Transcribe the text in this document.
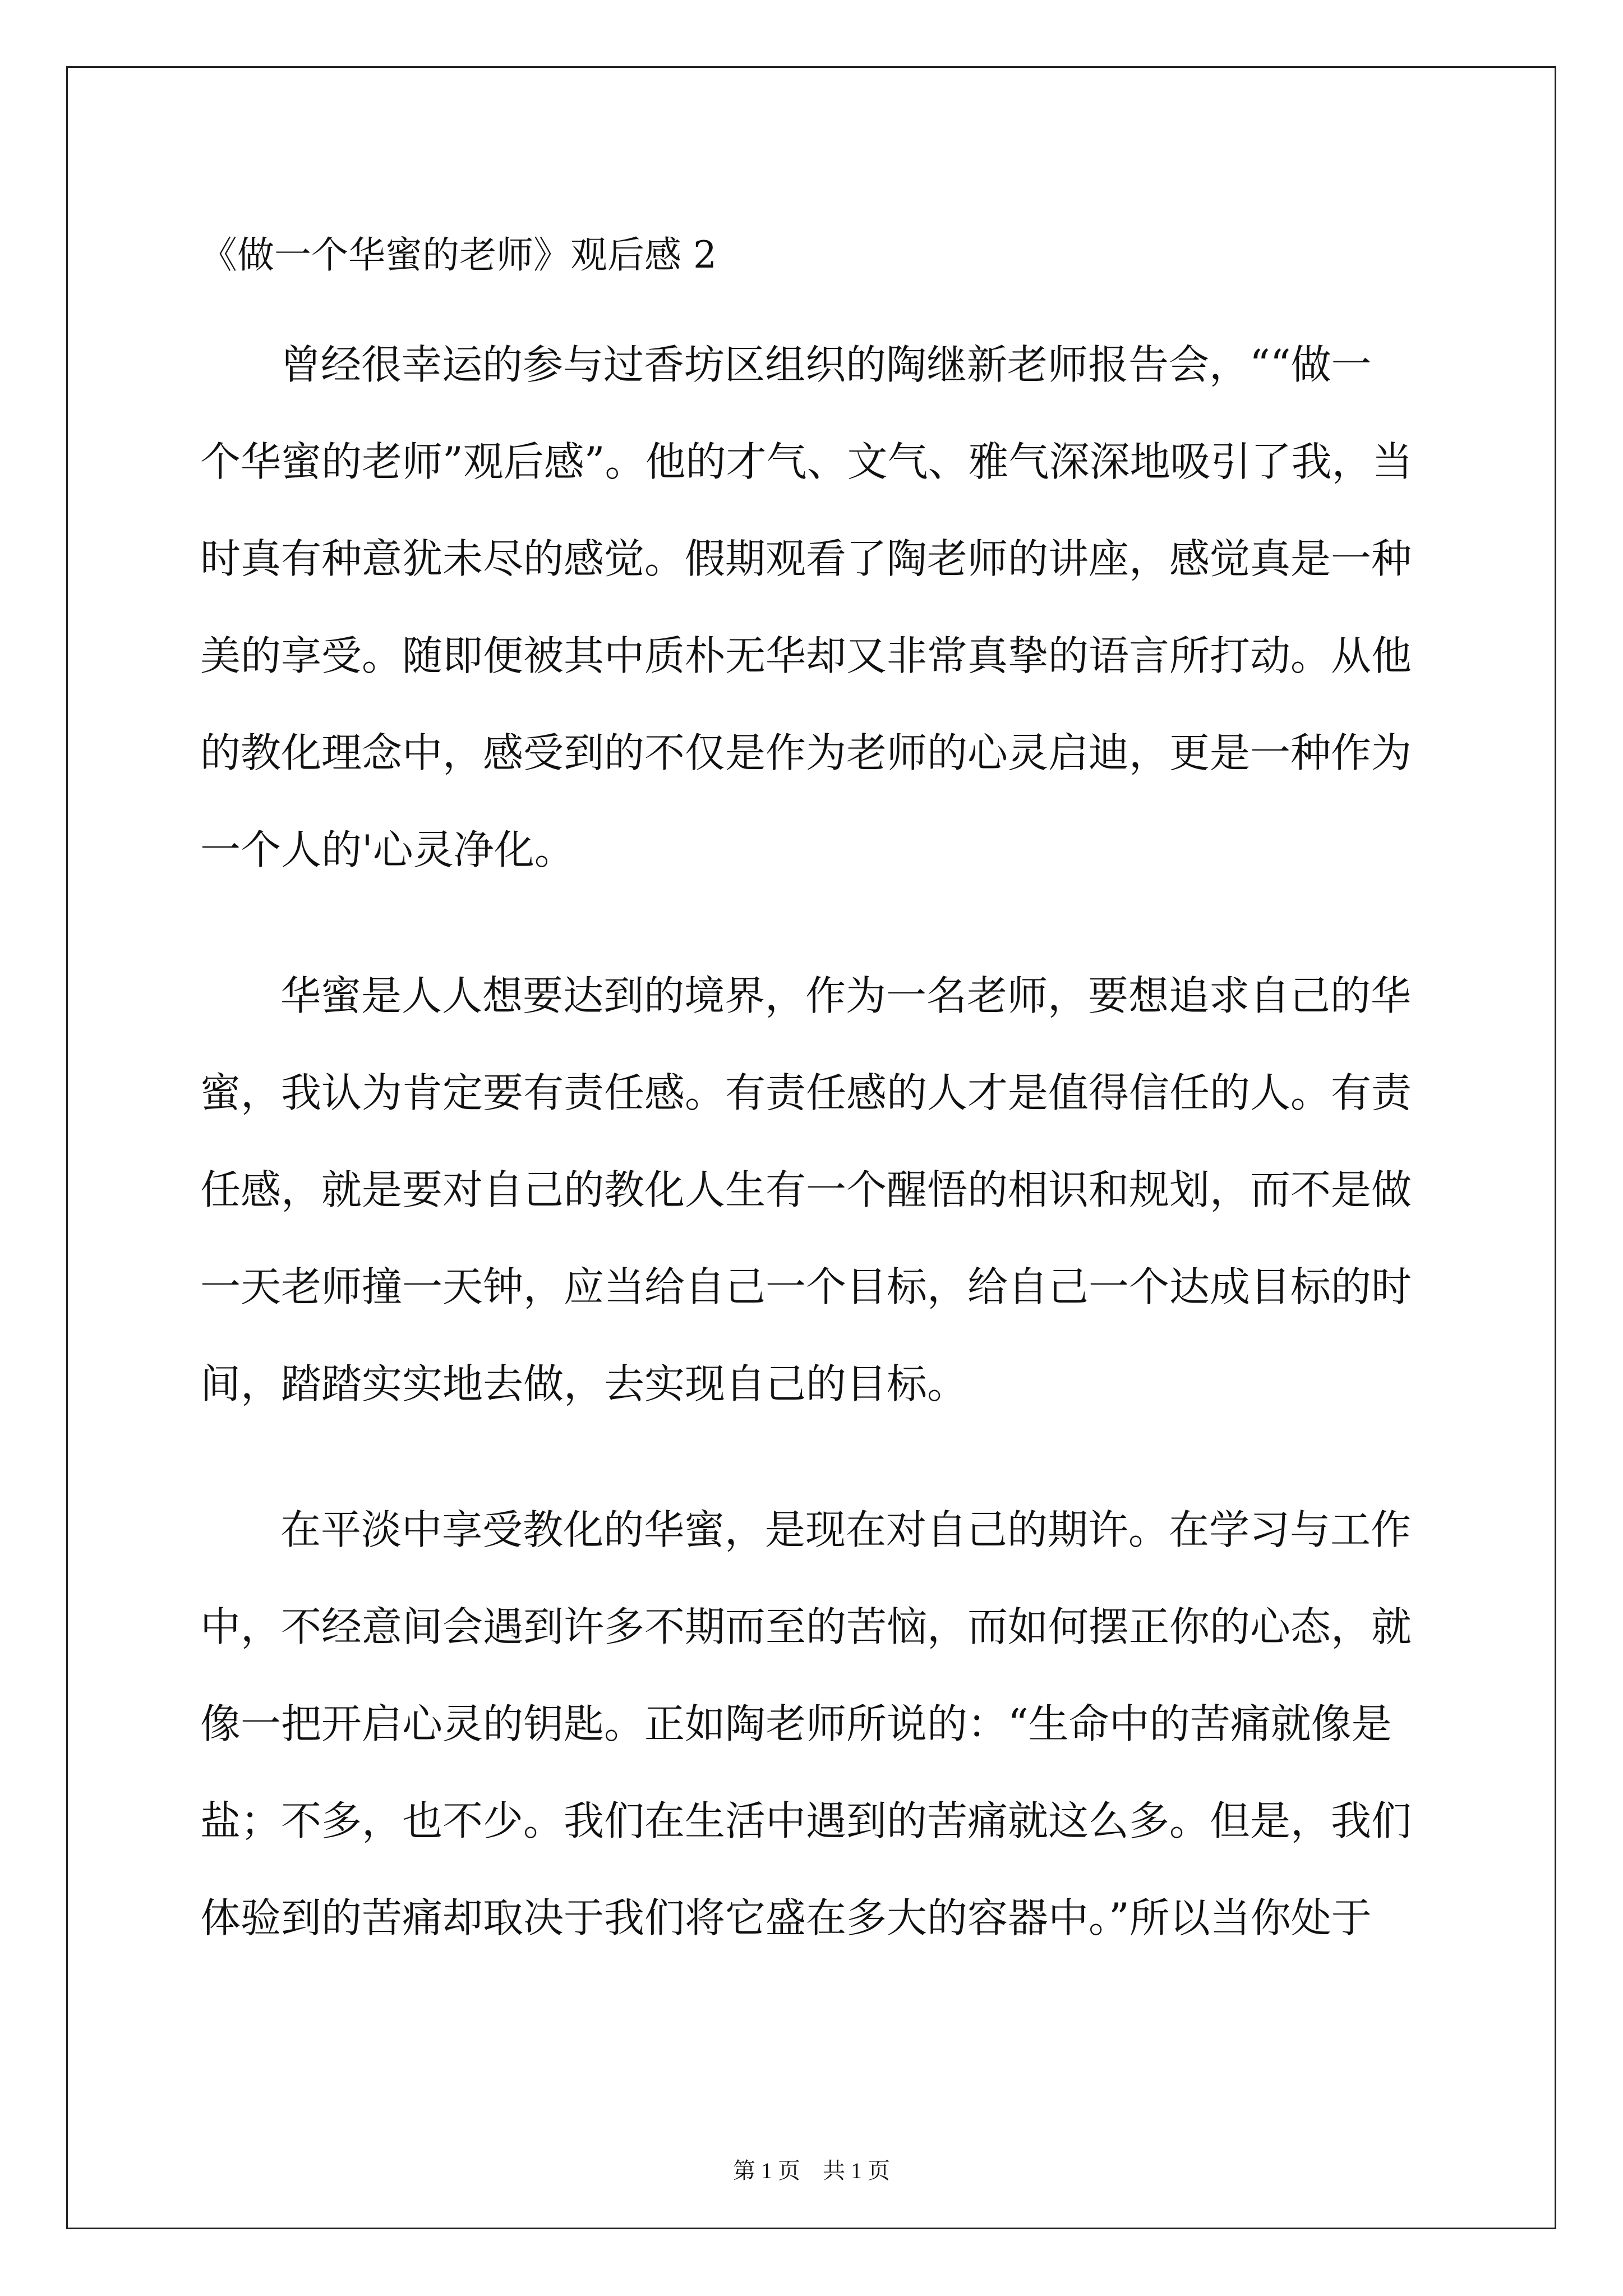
《做一个华蜜的老师》观后感 2
曾经很幸运的参与过香坊区组织的陶继新老师报告会，““做一
个华蜜的老师”观后感”。他的才气、文气、雅气深深地吸引了我，当
时真有种意犹未尽的感觉。假期观看了陶老师的讲座，感觉真是一种
美的享受。随即便被其中质朴无华却又非常真挚的语言所打动。从他
的教化理念中，感受到的不仅是作为老师的心灵启迪，更是一种作为
一个人的'心灵净化。
华蜜是人人想要达到的境界，作为一名老师，要想追求自己的华
蜜，我认为肯定要有责任感。有责任感的人才是值得信任的人。有责
任感，就是要对自己的教化人生有一个醒悟的相识和规划，而不是做
一天老师撞一天钟，应当给自己一个目标，给自己一个达成目标的时
间，踏踏实实地去做，去实现自己的目标。
在平淡中享受教化的华蜜，是现在对自己的期许。在学习与工作
中，不经意间会遇到许多不期而至的苦恼，而如何摆正你的心态，就
像一把开启心灵的钥匙。正如陶老师所说的：“生命中的苦痛就像是
盐；不多，也不少。我们在生活中遇到的苦痛就这么多。但是，我们
体验到的苦痛却取决于我们将它盛在多大的容器中。”所以当你处于
第 1 页　共 1 页
